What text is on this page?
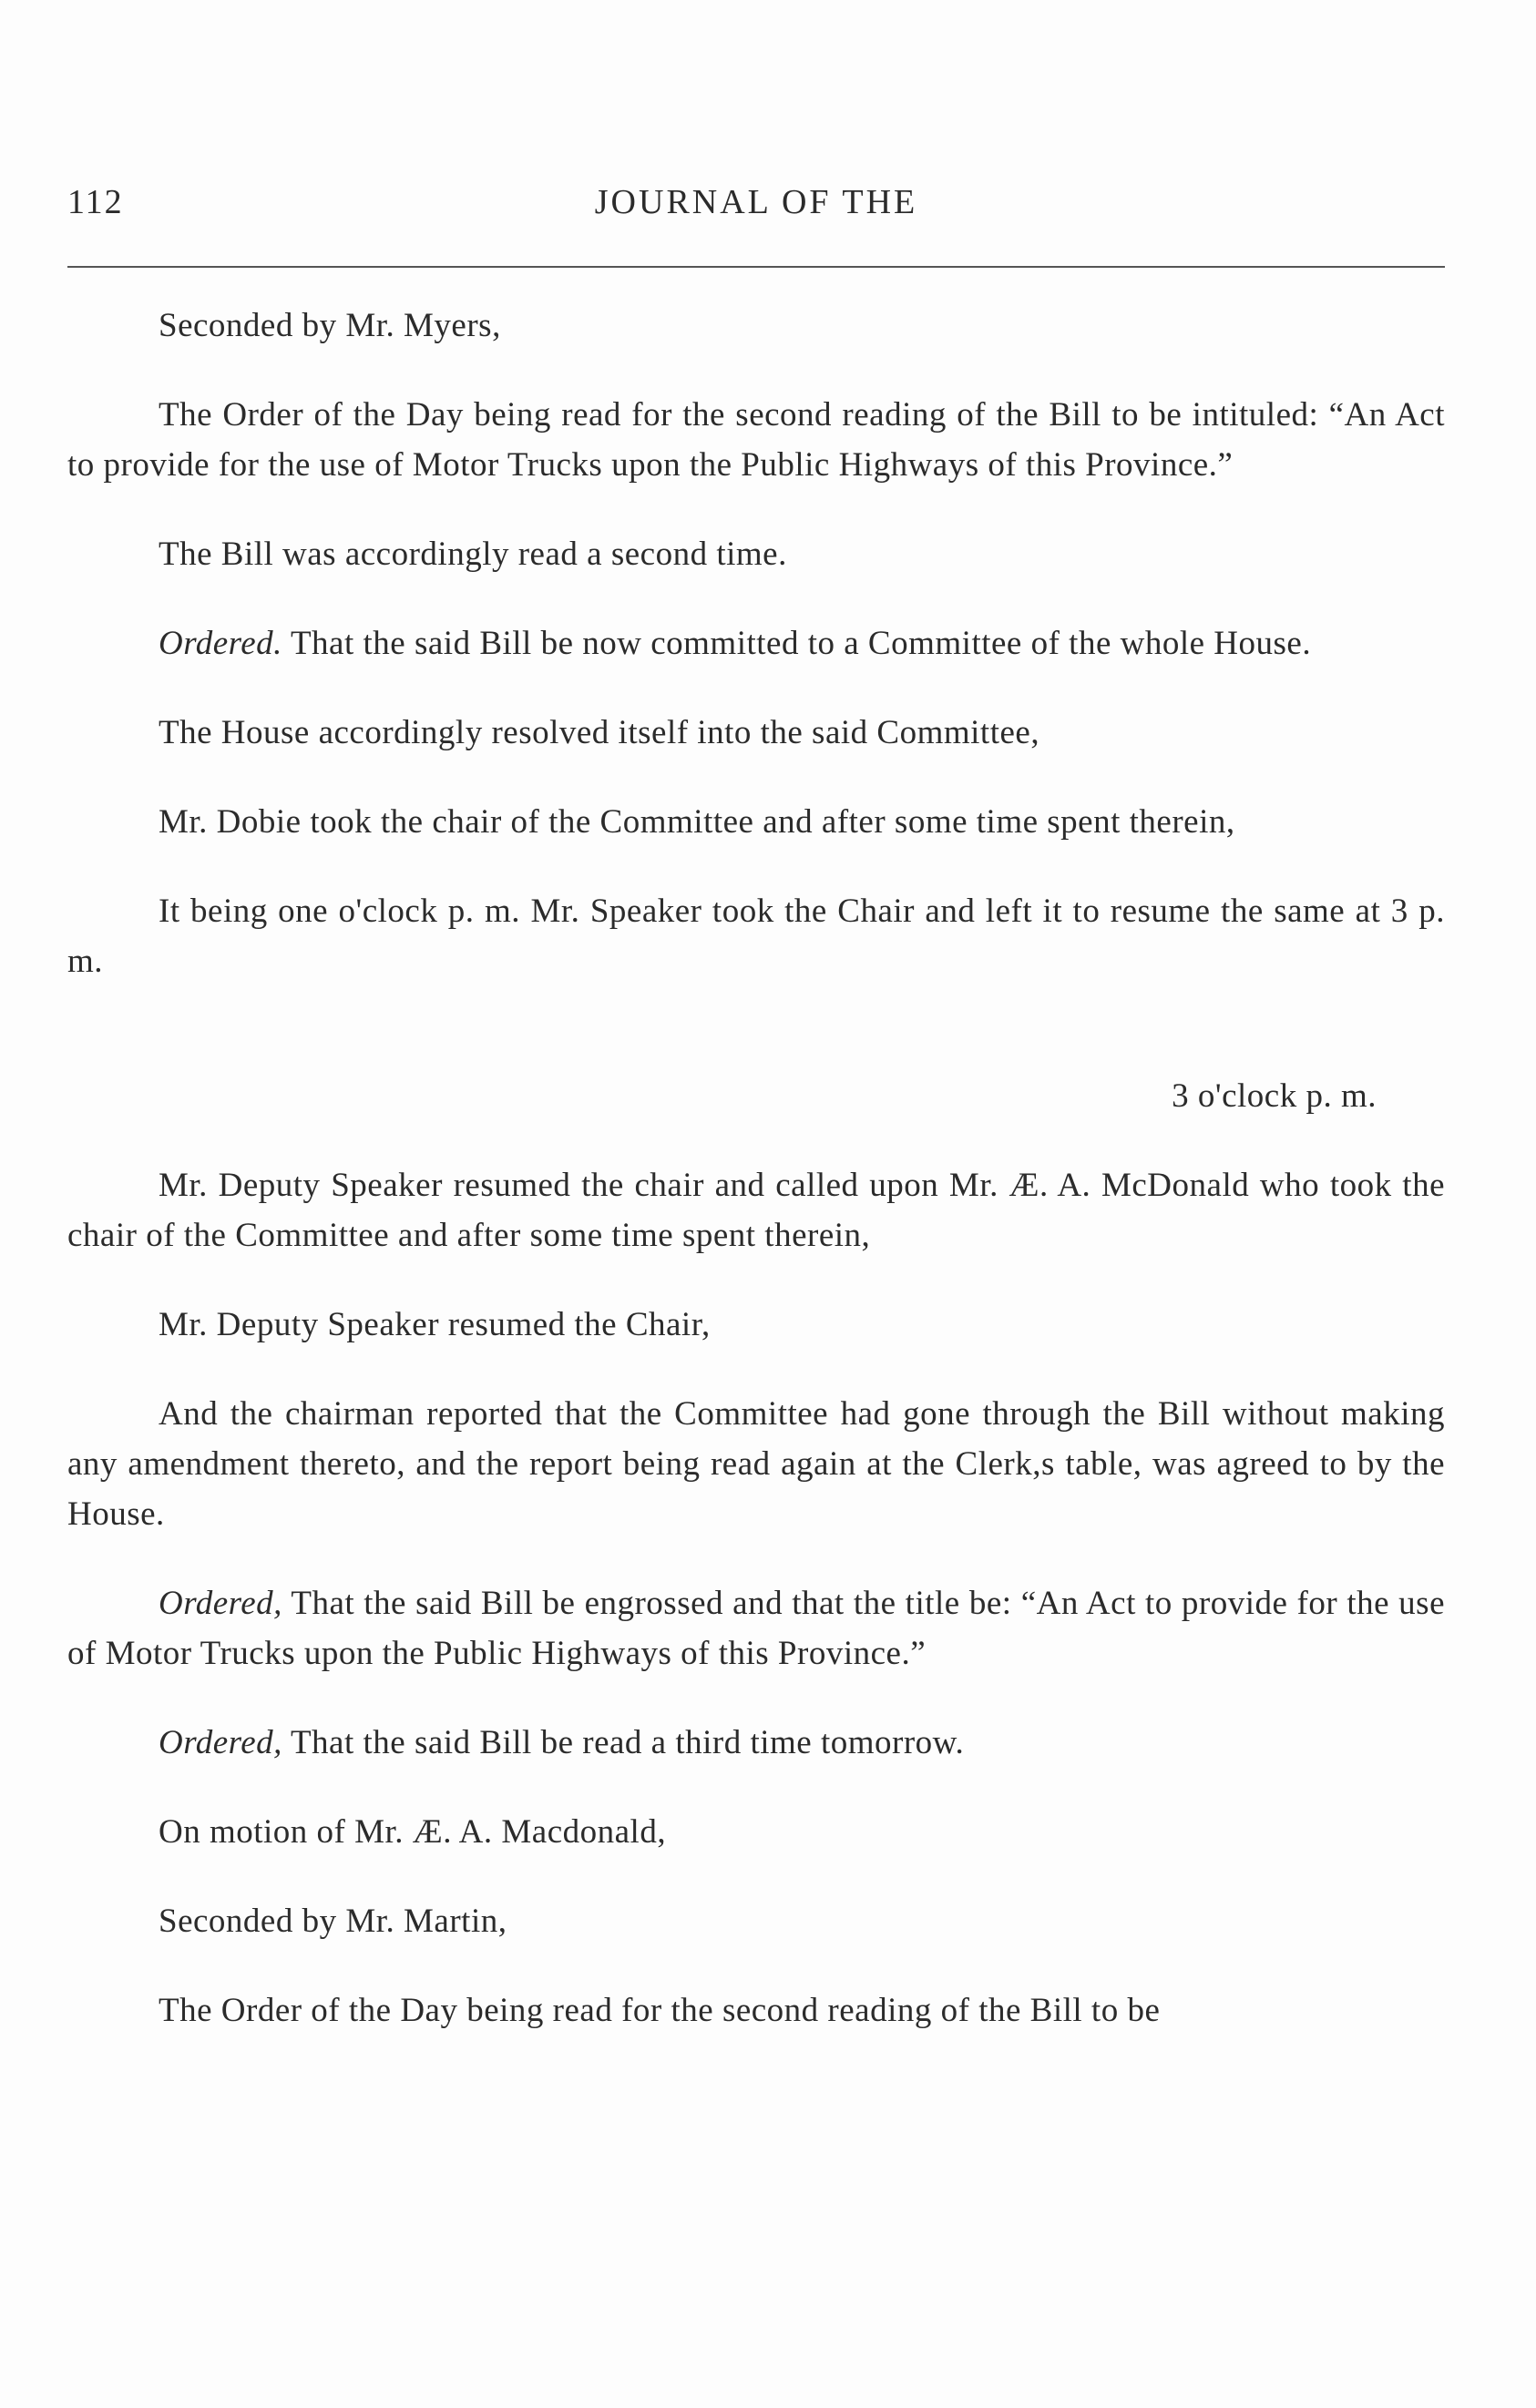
112	JOURNAL OF THE

Seconded by Mr. Myers,

The Order of the Day being read for the second reading of the Bill to be intituled: “An Act to provide for the use of Motor Trucks upon the Public Highways of this Province.”

The Bill was accordingly read a second time.

Ordered. That the said Bill be now committed to a Committee of the whole House.

The House accordingly resolved itself into the said Committee,

Mr. Dobie took the chair of the Committee and after some time spent therein,

It being one o'clock p. m. Mr. Speaker took the Chair and left it to resume the same at 3 p. m.

3 o'clock p. m.

Mr. Deputy Speaker resumed the chair and called upon Mr. Æ. A. McDonald who took the chair of the Committee and after some time spent therein,

Mr. Deputy Speaker resumed the Chair,

And the chairman reported that the Committee had gone through the Bill without making any amendment thereto, and the report being read again at the Clerk,s table, was agreed to by the House.

Ordered, That the said Bill be engrossed and that the title be: “An Act to provide for the use of Motor Trucks upon the Public Highways of this Province.”

Ordered, That the said Bill be read a third time tomorrow.

On motion of Mr. Æ. A. Macdonald,

Seconded by Mr. Martin,

The Order of the Day being read for the second reading of the Bill to be
